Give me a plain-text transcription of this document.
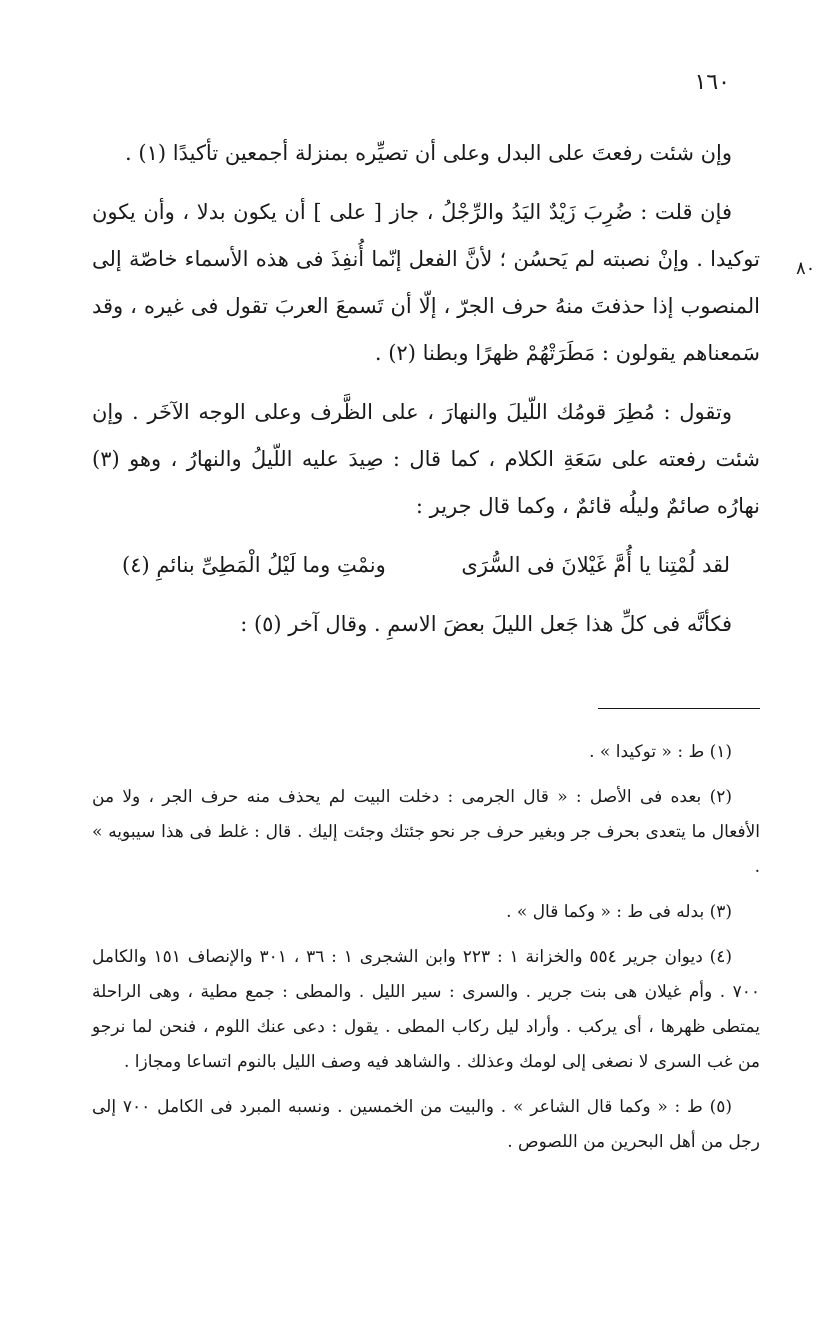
١٦٠
٨٠

وإن شئت رفعتَ على البدل وعلى أن تصيِّره بمنزلة أجمعين تأكيدًا (١) .

فإن قلت : ضُرِبَ زَيْدٌ اليَدُ والرِّجْلُ ، جاز [ على ] أن يكون بدلا ، وأن يكون توكيدا . وإنْ نصبته لم يَحسُن ؛ لأنَّ الفعل إنّما أُنفِذَ فى هذه الأسماء خاصّة إلى المنصوب إذا حذفتَ منهُ حرف الجرّ ، إلّا أن تَسمعَ العربَ تقول فى غيره ، وقد سَمعناهم يقولون : مَطَرَتْهُمْ ظهرًا وبطنا (٢) .

وتقول : مُطِرَ قومُك اللّيلَ والنهارَ ، على الظَّرف وعلى الوجه الآخَر . وإن شئت رفعته على سَعَةِ الكلام ، كما قال : صِيدَ عليه اللّيلُ والنهارُ ، وهو (٣) نهارُه صائمٌ وليلُه قائمٌ ، وكما قال جرير :

لقد لُمْتِنا يا أُمَّ غَيْلانَ فى السُّرَى
ونمْتِ وما لَيْلُ الْمَطِىِّ بنائمِ (٤)

فكأنَّه فى كلِّ هذا جَعل الليلَ بعضَ الاسمِ . وقال آخر (٥) :

(١) ط : « توكيدا » .

(٢) بعده فى الأصل : « قال الجرمى : دخلت البيت لم يحذف منه حرف الجر ، ولا من الأفعال ما يتعدى بحرف جر وبغير حرف جر نحو جئتك وجئت إليك . قال : غلط فى هذا سيبويه » .

(٣) بدله فى ط : « وكما قال » .

(٤) ديوان جرير ٥٥٤ والخزانة ١ : ٢٢٣ وابن الشجرى ١ : ٣٦ ، ٣٠١ والإنصاف ١٥١ والكامل ٧٠٠ . وأم غيلان هى بنت جرير . والسرى : سير الليل . والمطى : جمع مطية ، وهى الراحلة يمتطى ظهرها ، أى يركب . وأراد ليل ركاب المطى . يقول : دعى عنك اللوم ، فنحن لما نرجو من غب السرى لا نصغى إلى لومك وعذلك . والشاهد فيه وصف الليل بالنوم اتساعا ومجازا .

(٥) ط : « وكما قال الشاعر » . والبيت من الخمسين . ونسبه المبرد فى الكامل ٧٠٠ إلى رجل من أهل البحرين من اللصوص .
